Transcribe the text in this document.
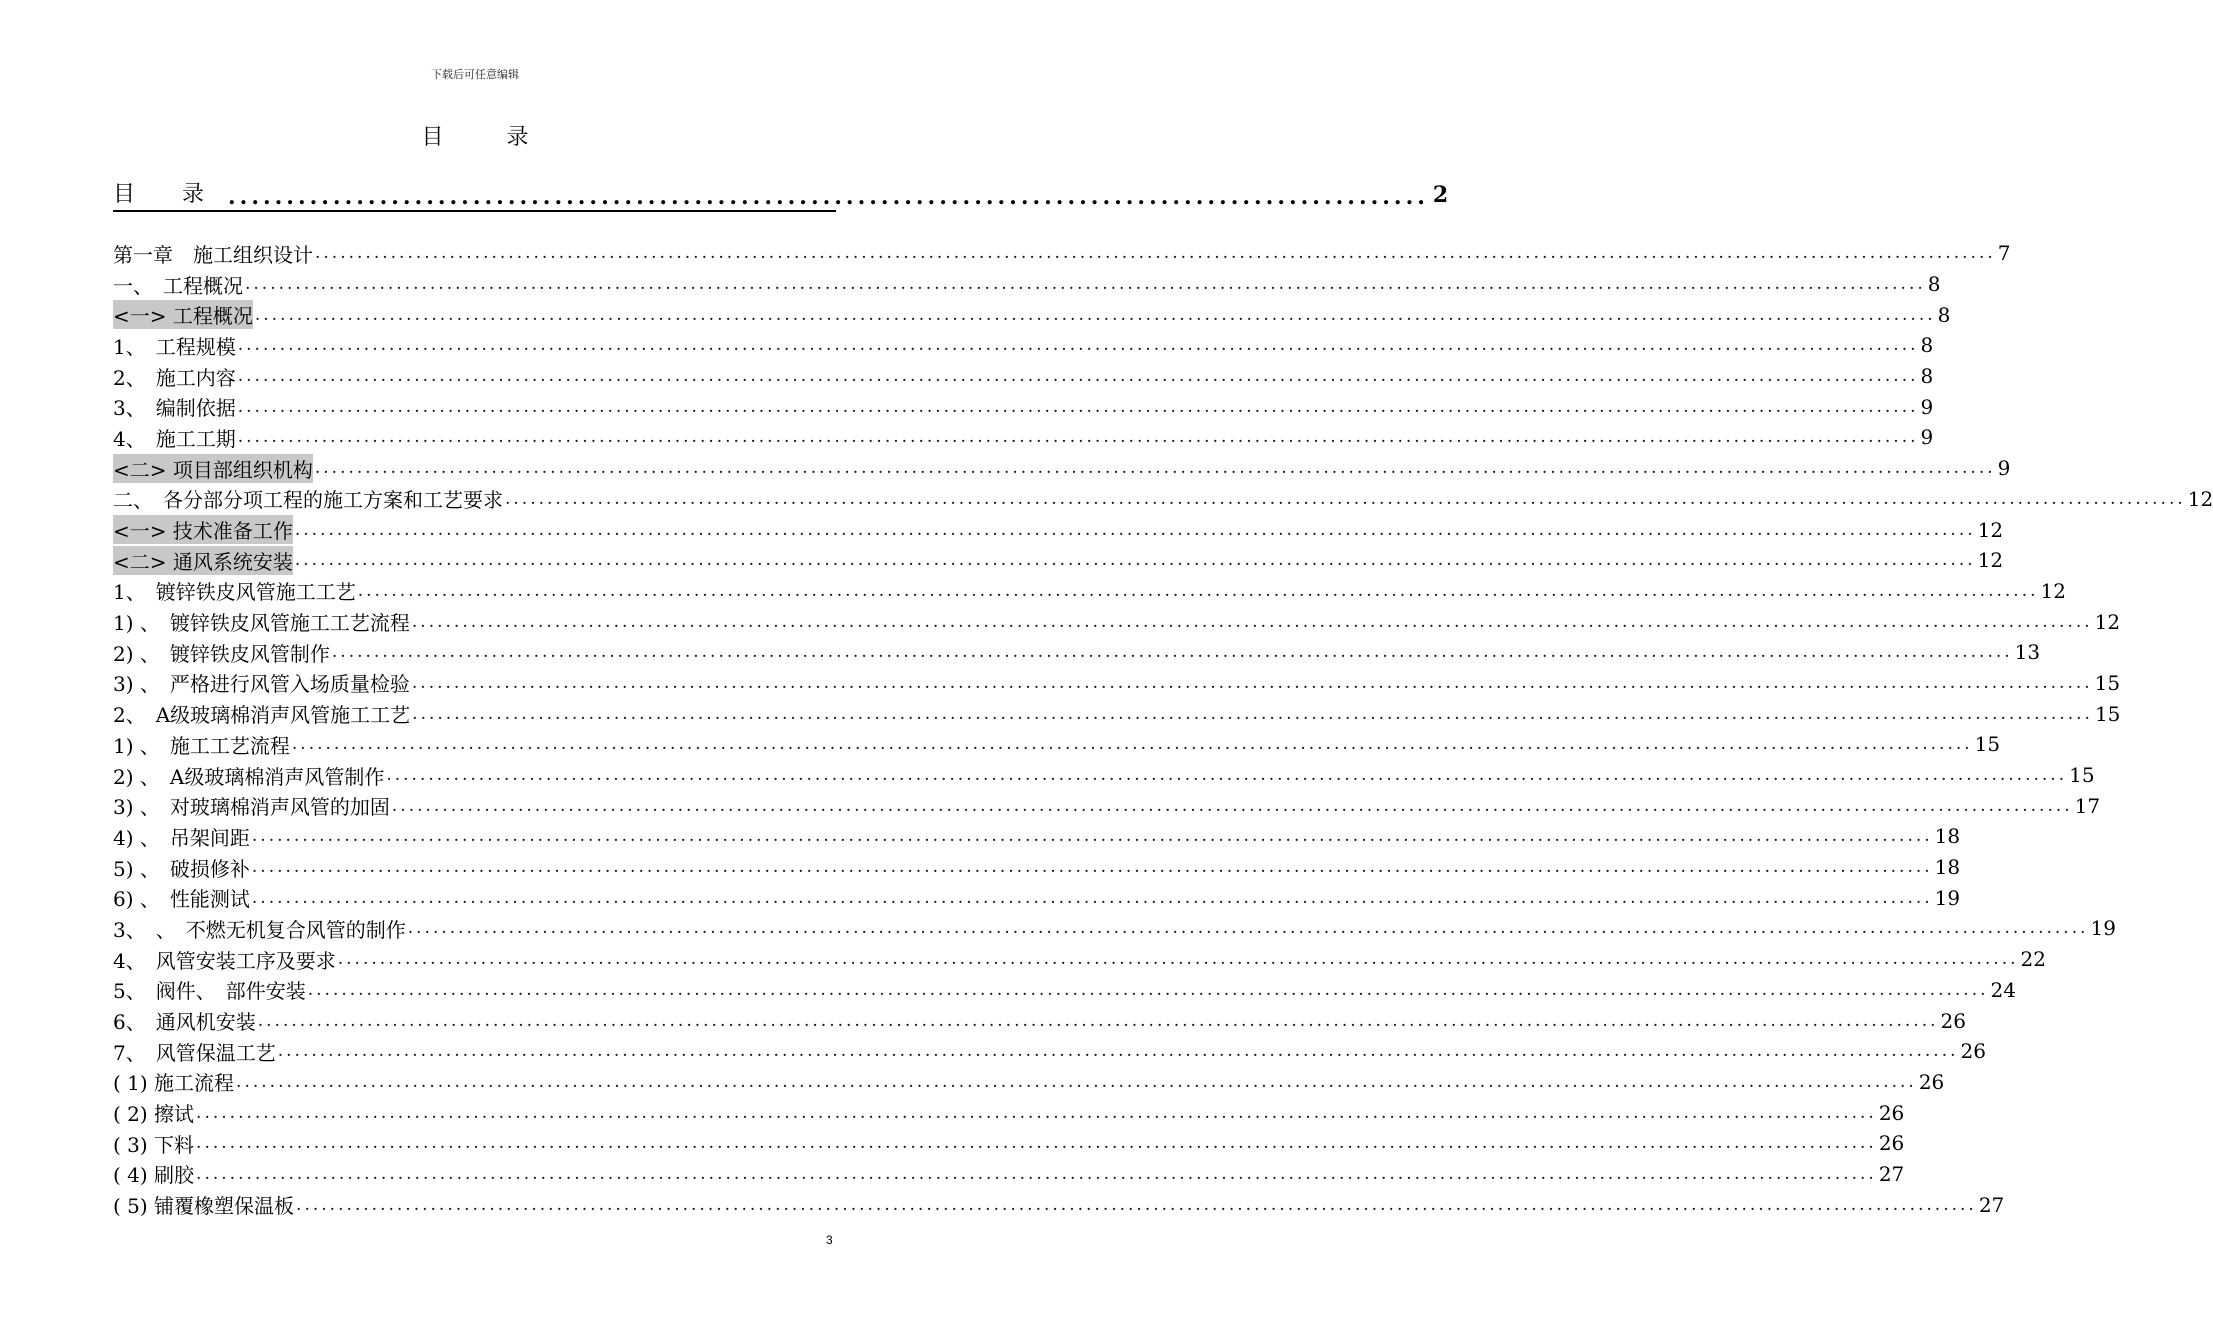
下载后可任意编辑
目 录
目 录 ....................................................................................................... 2
第一章　施工组织设计 ........................................................................................................................................................................................................ 7
一、　工程概况 ........................................................................................................................................................................................................ 8
<一> 工程概况 ........................................................................................................................................................................................................ 8
1、　工程规模 ........................................................................................................................................................................................................ 8
2、　施工内容 ........................................................................................................................................................................................................ 8
3、　编制依据 ........................................................................................................................................................................................................ 9
4、　施工工期 ........................................................................................................................................................................................................ 9
<二> 项目部组织机构 ........................................................................................................................................................................................................ 9
二、　各分部分项工程的施工方案和工艺要求 ........................................................................................................................................................................................................ 12
<一> 技术准备工作 ........................................................................................................................................................................................................ 12
<二> 通风系统安装 ........................................................................................................................................................................................................ 12
1、　镀锌铁皮风管施工工艺 ........................................................................................................................................................................................................ 12
1) 、　镀锌铁皮风管施工工艺流程 ........................................................................................................................................................................................................ 12
2) 、　镀锌铁皮风管制作 ........................................................................................................................................................................................................ 13
3) 、　严格进行风管入场质量检验 ........................................................................................................................................................................................................ 15
2、　A级玻璃棉消声风管施工工艺 ........................................................................................................................................................................................................ 15
1) 、　施工工艺流程 ........................................................................................................................................................................................................ 15
2) 、　A级玻璃棉消声风管制作 ........................................................................................................................................................................................................ 15
3) 、　对玻璃棉消声风管的加固 ........................................................................................................................................................................................................ 17
4) 、　吊架间距 ........................................................................................................................................................................................................ 18
5) 、　破损修补 ........................................................................................................................................................................................................ 18
6) 、　性能测试 ........................................................................................................................................................................................................ 19
3、　、　不燃无机复合风管的制作 ........................................................................................................................................................................................................ 19
4、　风管安装工序及要求 ........................................................................................................................................................................................................ 22
5、　阀件、　部件安装 ........................................................................................................................................................................................................ 24
6、　通风机安装 ........................................................................................................................................................................................................ 26
7、　风管保温工艺 ........................................................................................................................................................................................................ 26
( 1) 施工流程 ........................................................................................................................................................................................................ 26
( 2) 擦试 ........................................................................................................................................................................................................ 26
( 3) 下料 ........................................................................................................................................................................................................ 26
( 4) 刷胶 ........................................................................................................................................................................................................ 27
( 5) 铺覆橡塑保温板 ........................................................................................................................................................................................................ 27
3
